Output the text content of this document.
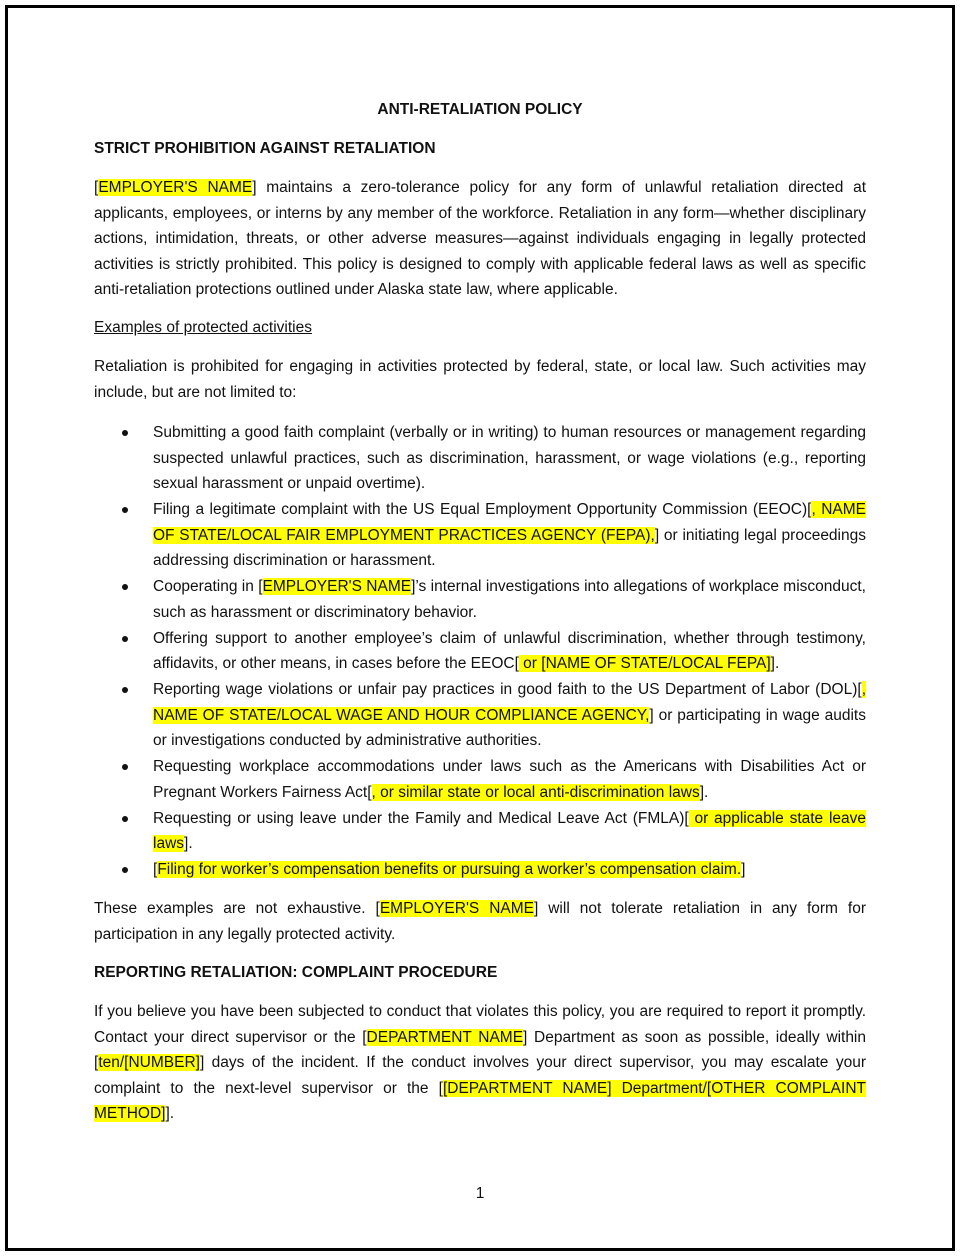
ANTI-RETALIATION POLICY
STRICT PROHIBITION AGAINST RETALIATION
[EMPLOYER'S NAME] maintains a zero-tolerance policy for any form of unlawful retaliation directed at applicants, employees, or interns by any member of the workforce. Retaliation in any form—whether disciplinary actions, intimidation, threats, or other adverse measures—against individuals engaging in legally protected activities is strictly prohibited. This policy is designed to comply with applicable federal laws as well as specific anti-retaliation protections outlined under Alaska state law, where applicable.
Examples of protected activities
Retaliation is prohibited for engaging in activities protected by federal, state, or local law. Such activities may include, but are not limited to:
Submitting a good faith complaint (verbally or in writing) to human resources or management regarding suspected unlawful practices, such as discrimination, harassment, or wage violations (e.g., reporting sexual harassment or unpaid overtime).
Filing a legitimate complaint with the US Equal Employment Opportunity Commission (EEOC)[, NAME OF STATE/LOCAL FAIR EMPLOYMENT PRACTICES AGENCY (FEPA),] or initiating legal proceedings addressing discrimination or harassment.
Cooperating in [EMPLOYER'S NAME]’s internal investigations into allegations of workplace misconduct, such as harassment or discriminatory behavior.
Offering support to another employee’s claim of unlawful discrimination, whether through testimony, affidavits, or other means, in cases before the EEOC[ or [NAME OF STATE/LOCAL FEPA]].
Reporting wage violations or unfair pay practices in good faith to the US Department of Labor (DOL)[, NAME OF STATE/LOCAL WAGE AND HOUR COMPLIANCE AGENCY,] or participating in wage audits or investigations conducted by administrative authorities.
Requesting workplace accommodations under laws such as the Americans with Disabilities Act or Pregnant Workers Fairness Act[, or similar state or local anti-discrimination laws].
Requesting or using leave under the Family and Medical Leave Act (FMLA)[ or applicable state leave laws].
[Filing for worker’s compensation benefits or pursuing a worker’s compensation claim.]
These examples are not exhaustive. [EMPLOYER'S NAME] will not tolerate retaliation in any form for participation in any legally protected activity.
REPORTING RETALIATION: COMPLAINT PROCEDURE
If you believe you have been subjected to conduct that violates this policy, you are required to report it promptly. Contact your direct supervisor or the [DEPARTMENT NAME] Department as soon as possible, ideally within [ten/[NUMBER]] days of the incident. If the conduct involves your direct supervisor, you may escalate your complaint to the next-level supervisor or the [[DEPARTMENT NAME] Department/[OTHER COMPLAINT METHOD]].
1
